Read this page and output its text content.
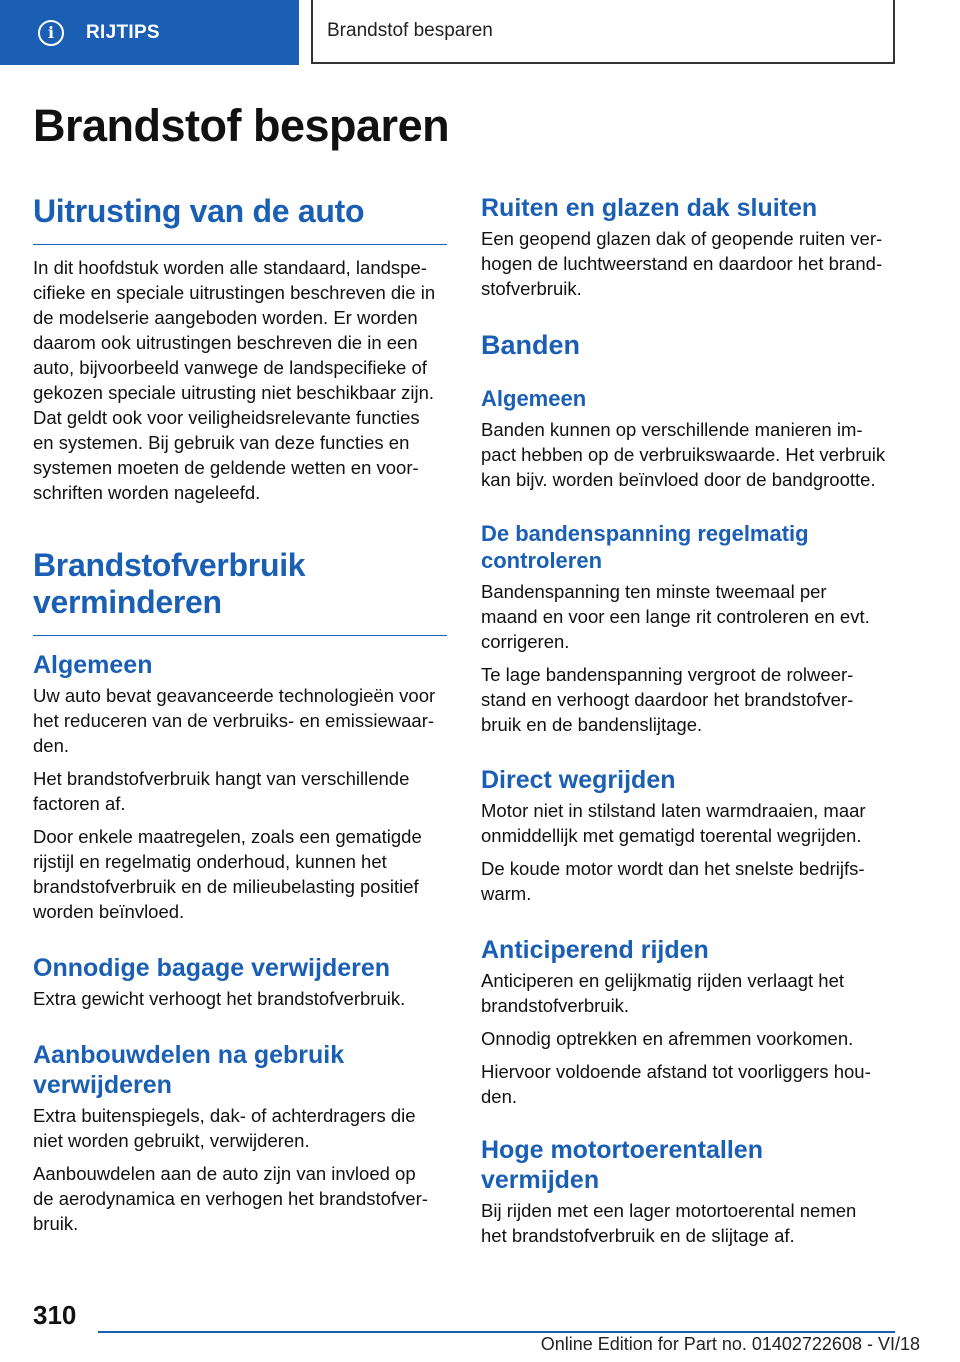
i	RIJTIPS	Brandstof besparen
Brandstof besparen
Uitrusting van de auto

In dit hoofdstuk worden alle standaard, landspe-

cifieke en speciale uitrustingen beschreven die in

de modelserie aangeboden worden. Er worden

daarom ook uitrustingen beschreven die in een

auto, bijvoorbeeld vanwege de landspecifieke of

gekozen speciale uitrusting niet beschikbaar zijn.

Dat geldt ook voor veiligheidsrelevante functies

en systemen. Bij gebruik van deze functies en

systemen moeten de geldende wetten en voor-

schriften worden nageleefd.

Brandstofverbruik
verminderen
Algemeen

Uw auto bevat geavanceerde technologieën voor

het reduceren van de verbruiks- en emissiewaar-

den.

Het brandstofverbruik hangt van verschillende

factoren af.

Door enkele maatregelen, zoals een gematigde

rijstijl en regelmatig onderhoud, kunnen het

brandstofverbruik en de milieubelasting positief

worden beïnvloed.

Onnodige bagage verwijderen

Extra gewicht verhoogt het brandstofverbruik.

Aanbouwdelen na gebruik
verwijderen

Extra buitenspiegels, dak- of achterdragers die

niet worden gebruikt, verwijderen.

Aanbouwdelen aan de auto zijn van invloed op

de aerodynamica en verhogen het brandstofver-

bruik.

Ruiten en glazen dak sluiten

Een geopend glazen dak of geopende ruiten ver-

hogen de luchtweerstand en daardoor het brand-

stofverbruik.

Banden
Algemeen

Banden kunnen op verschillende manieren im-

pact hebben op de verbruikswaarde. Het verbruik

kan bijv. worden beïnvloed door de bandgrootte.

De bandenspanning regelmatig
controleren

Bandenspanning ten minste tweemaal per

maand en voor een lange rit controleren en evt.

corrigeren.

Te lage bandenspanning vergroot de rolweer-

stand en verhoogt daardoor het brandstofver-

bruik en de bandenslijtage.

Direct wegrijden

Motor niet in stilstand laten warmdraaien, maar

onmiddellijk met gematigd toerental wegrijden.

De koude motor wordt dan het snelste bedrijfs-

warm.

Anticiperend rijden

Anticiperen en gelijkmatig rijden verlaagt het

brandstofverbruik.

Onnodig optrekken en afremmen voorkomen.

Hiervoor voldoende afstand tot voorliggers hou-

den.

Hoge motortoerentallen
vermijden

Bij rijden met een lager motortoerental nemen

het brandstofverbruik en de slijtage af.

310
Online Edition for Part no. 01402722608 - VI/18
